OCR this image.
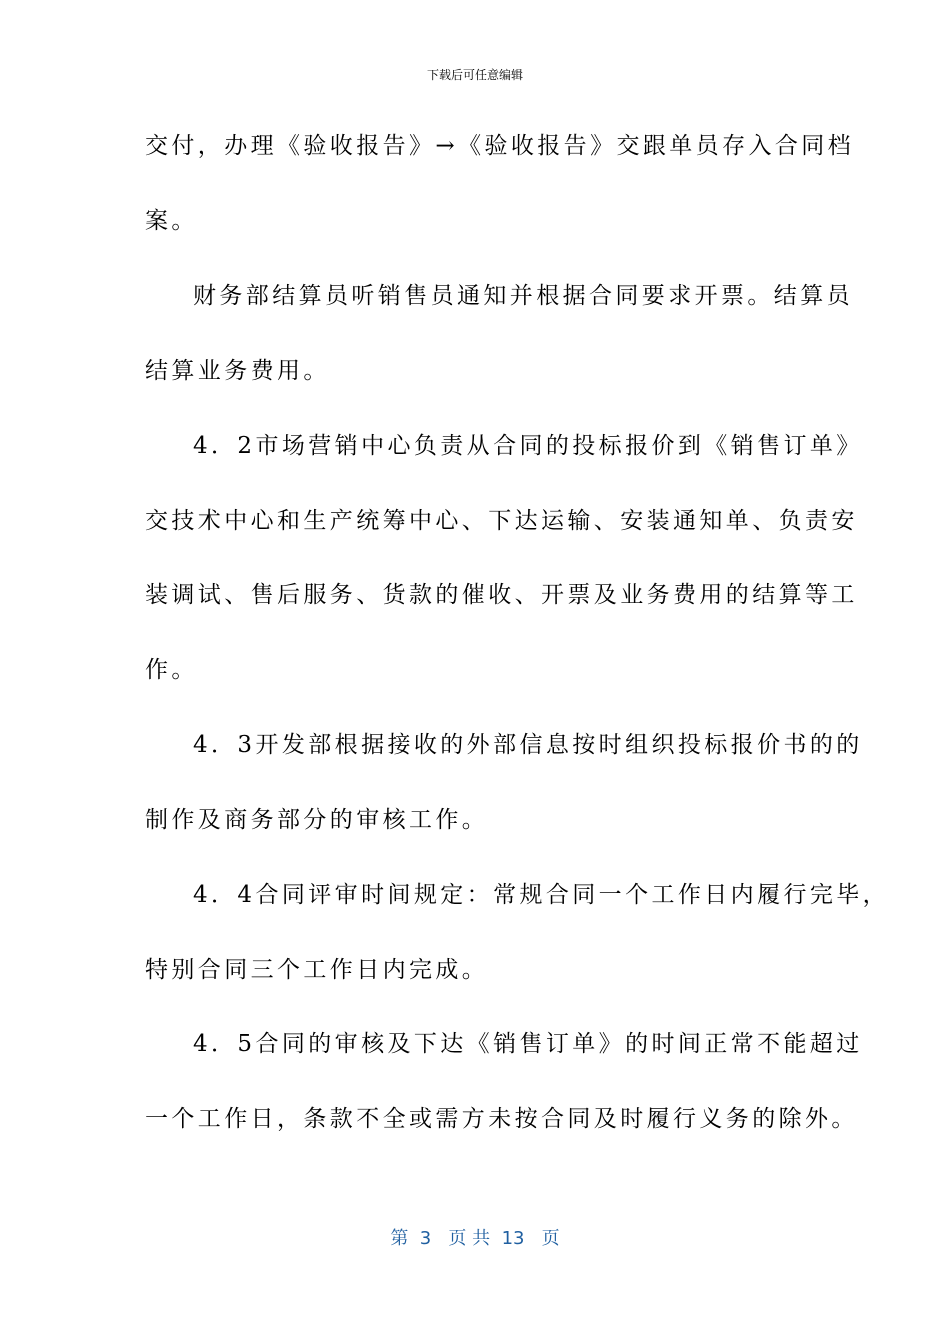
下载后可任意编辑
交付，办理《验收报告》→《验收报告》交跟单员存入合同档
案。
财务部结算员听销售员通知并根据合同要求开票。结算员
结算业务费用。
4．2市场营销中心负责从合同的投标报价到《销售订单》
交技术中心和生产统筹中心、下达运输、安装通知单、负责安
装调试、售后服务、货款的催收、开票及业务费用的结算等工
作。
4．3开发部根据接收的外部信息按时组织投标报价书的的
制作及商务部分的审核工作。
4．4合同评审时间规定：常规合同一个工作日内履行完毕，
特别合同三个工作日内完成。
4．5合同的审核及下达《销售订单》的时间正常不能超过
一个工作日，条款不全或需方未按合同及时履行义务的除外。
第  3   页 共  13   页
